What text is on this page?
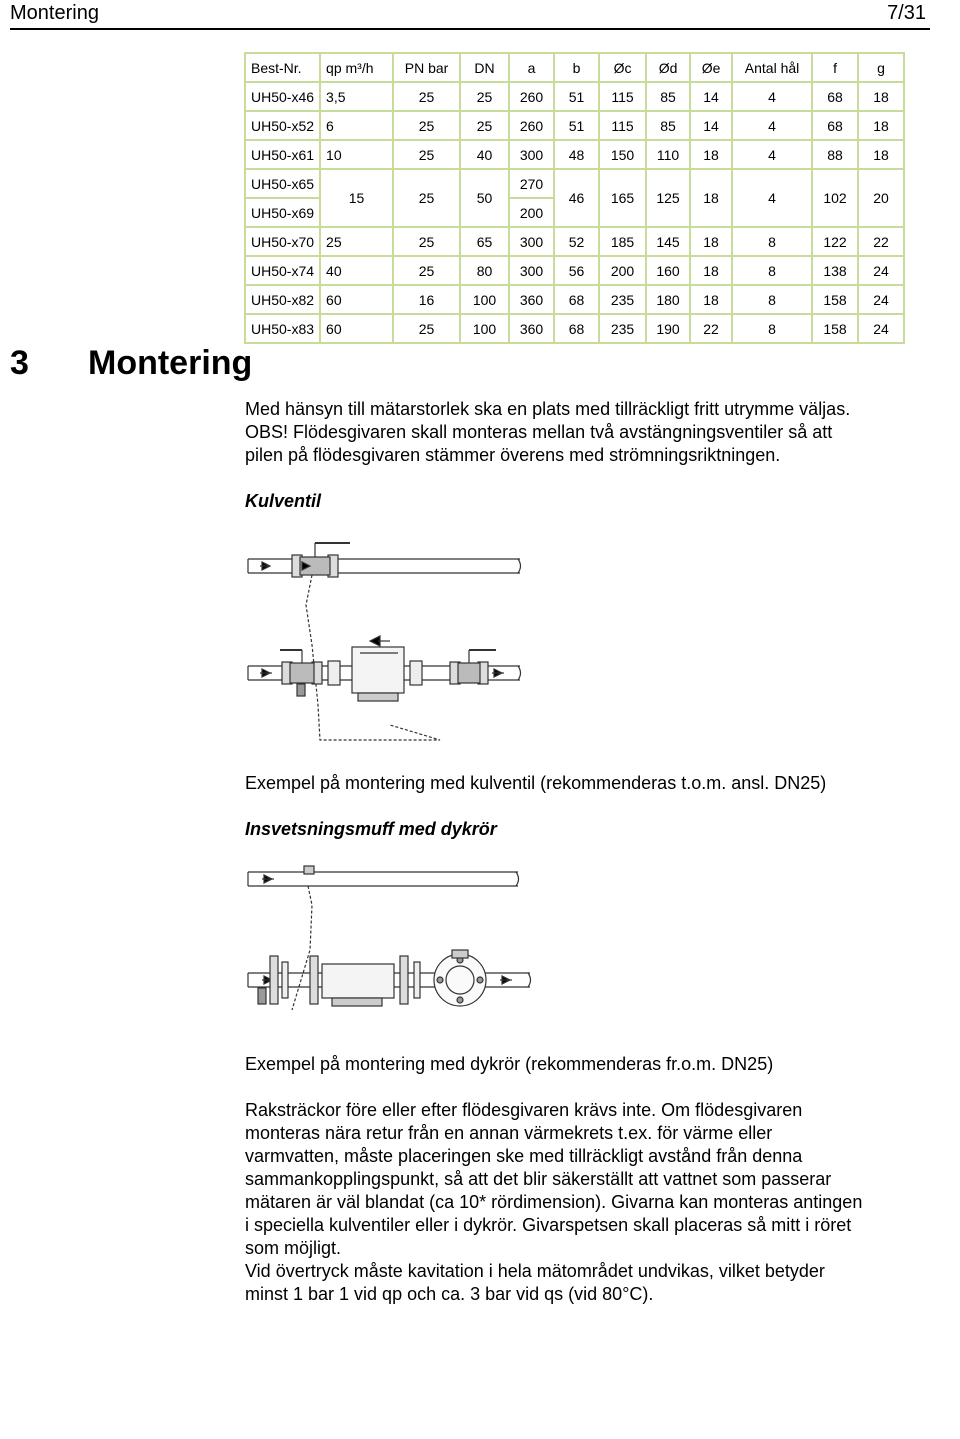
Montering	7/31
Best-Nr.	qp m³/h	PN bar	DN	a	b	Øc	Ød	Øe	Antal hål	f	g
UH50-x46	3,5	25	25	260	51	115	85	14	4	68	18
UH50-x52	6	25	25	260	51	115	85	14	4	68	18
UH50-x61	10	25	40	300	48	150	110	18	4	88	18
UH50-x65	15	25	50	270	46	165	125	18	4	102	20
UH50-x69				200							
UH50-x70	25	25	65	300	52	185	145	18	8	122	22
UH50-x74	40	25	80	300	56	200	160	18	8	138	24
UH50-x82	60	16	100	360	68	235	180	18	8	158	24
UH50-x83	60	25	100	360	68	235	190	22	8	158	24
3 Montering
Med hänsyn till mätarstorlek ska en plats med tillräckligt fritt utrymme väljas.
OBS! Flödesgivaren skall monteras mellan två avstängningsventiler så att
pilen på flödesgivaren stämmer överens med strömningsriktningen.
Kulventil
Exempel på montering med kulventil (rekommenderas t.o.m. ansl. DN25)
Insvetsningsmuff med dykrör
Exempel på montering med dykrör (rekommenderas fr.o.m. DN25)
Raksträckor före eller efter flödesgivaren krävs inte. Om flödesgivaren
monteras nära retur från en annan värmekrets t.ex. för värme eller
varmvatten, måste placeringen ske med tillräckligt avstånd från denna
sammankopplingspunkt, så att det blir säkerställt att vattnet som passerar
mätaren är väl blandat (ca 10* rördimension). Givarna kan monteras antingen
i speciella kulventiler eller i dykrör. Givarspetsen skall placeras så mitt i röret
som möjligt.
Vid övertryck måste kavitation i hela mätområdet undvikas, vilket betyder
minst 1 bar 1 vid qp och ca. 3 bar vid qs (vid 80°C).
